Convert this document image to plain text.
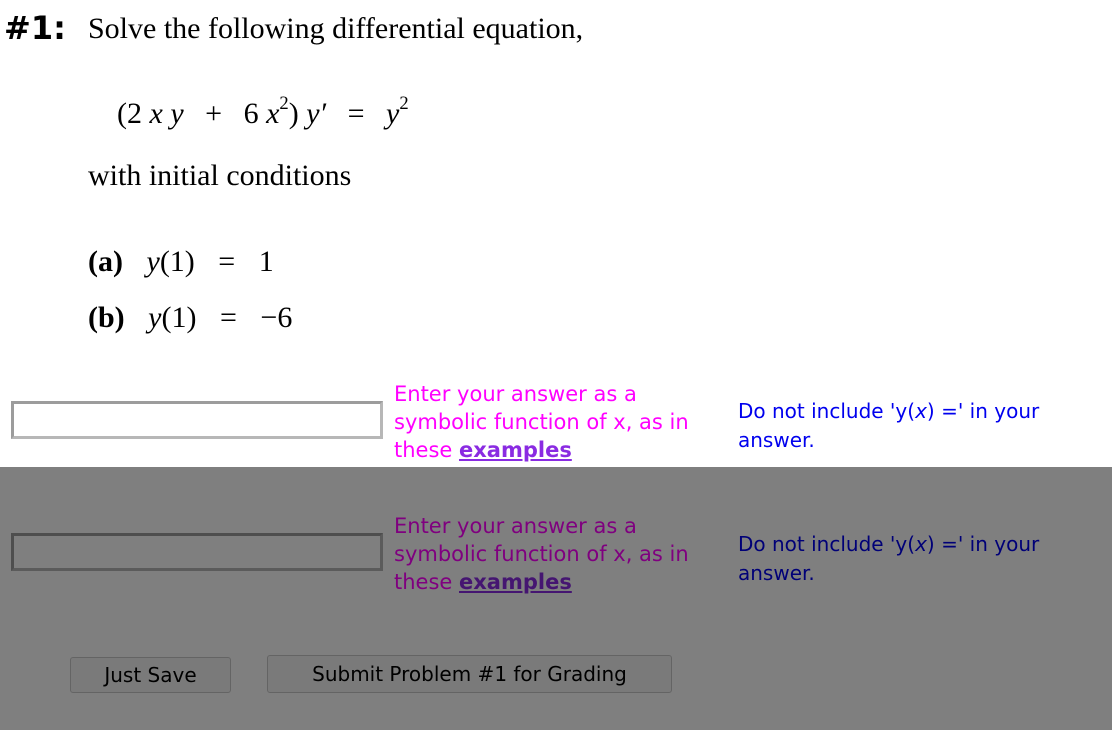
#1: Solve the following differential equation,
(2 x y + 6 $x^2$) $y' = y^2$
with initial conditions
(a) y(1) = 1
(b) y(1) = −6
Enter your answer as a symbolic function of x, as in these examples
Do not include 'y(x) =' in your answer.
